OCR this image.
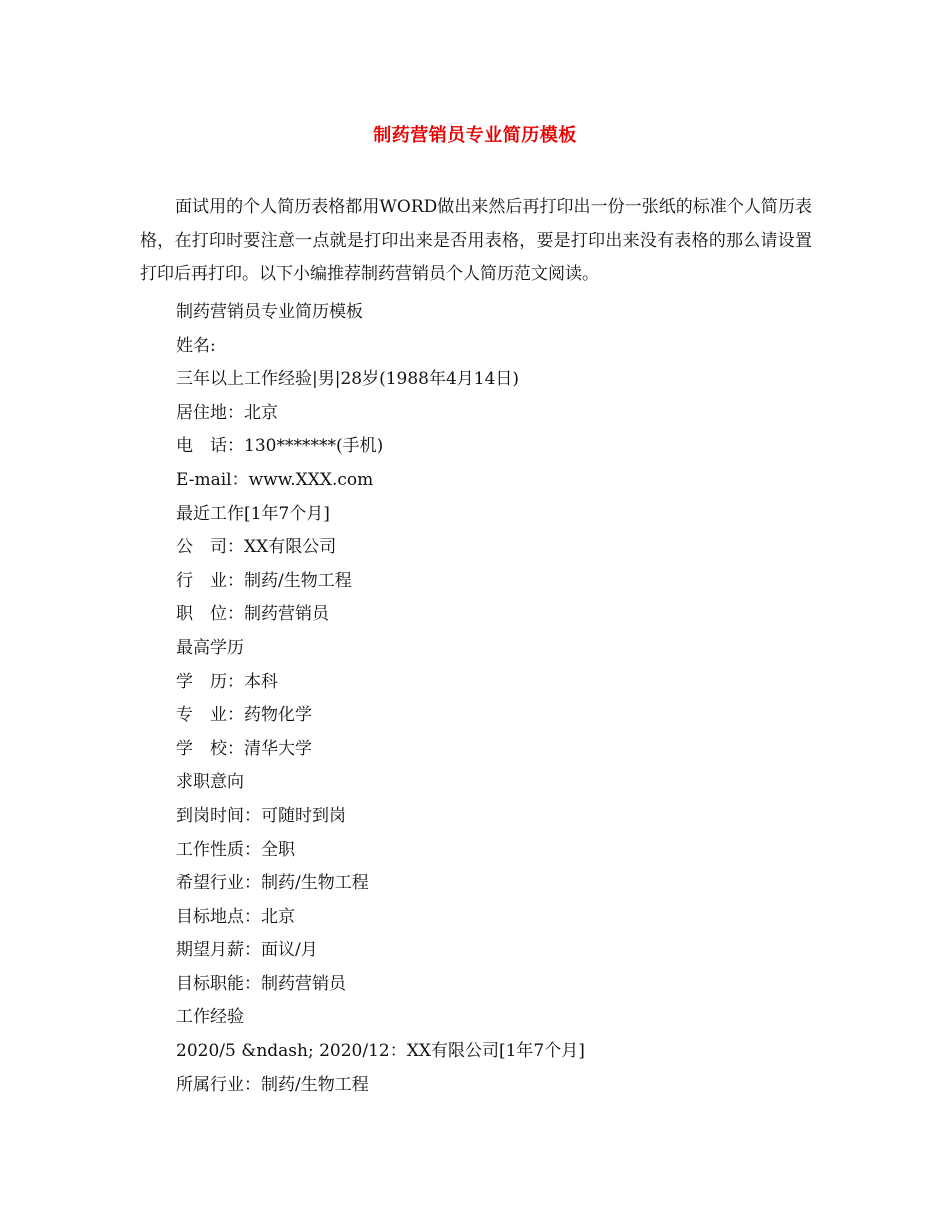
制药营销员专业简历模板

面试用的个人简历表格都用WORD做出来然后再打印出一份一张纸的标准个人简历表格，在打印时要注意一点就是打印出来是否用表格，要是打印出来没有表格的那么请设置打印后再打印。以下小编推荐制药营销员个人简历范文阅读。

制药营销员专业简历模板
姓名:
三年以上工作经验|男|28岁(1988年4月14日)
居住地：北京
电　话：130*******(手机)
E-mail：www.XXX.com
最近工作[1年7个月]
公　司：XX有限公司
行　业：制药/生物工程
职　位：制药营销员
最高学历
学　历：本科
专　业：药物化学
学　校：清华大学
求职意向
到岗时间：可随时到岗
工作性质：全职
希望行业：制药/生物工程
目标地点：北京
期望月薪：面议/月
目标职能：制药营销员
工作经验
2020/5 &ndash; 2020/12：XX有限公司[1年7个月]
所属行业：制药/生物工程
